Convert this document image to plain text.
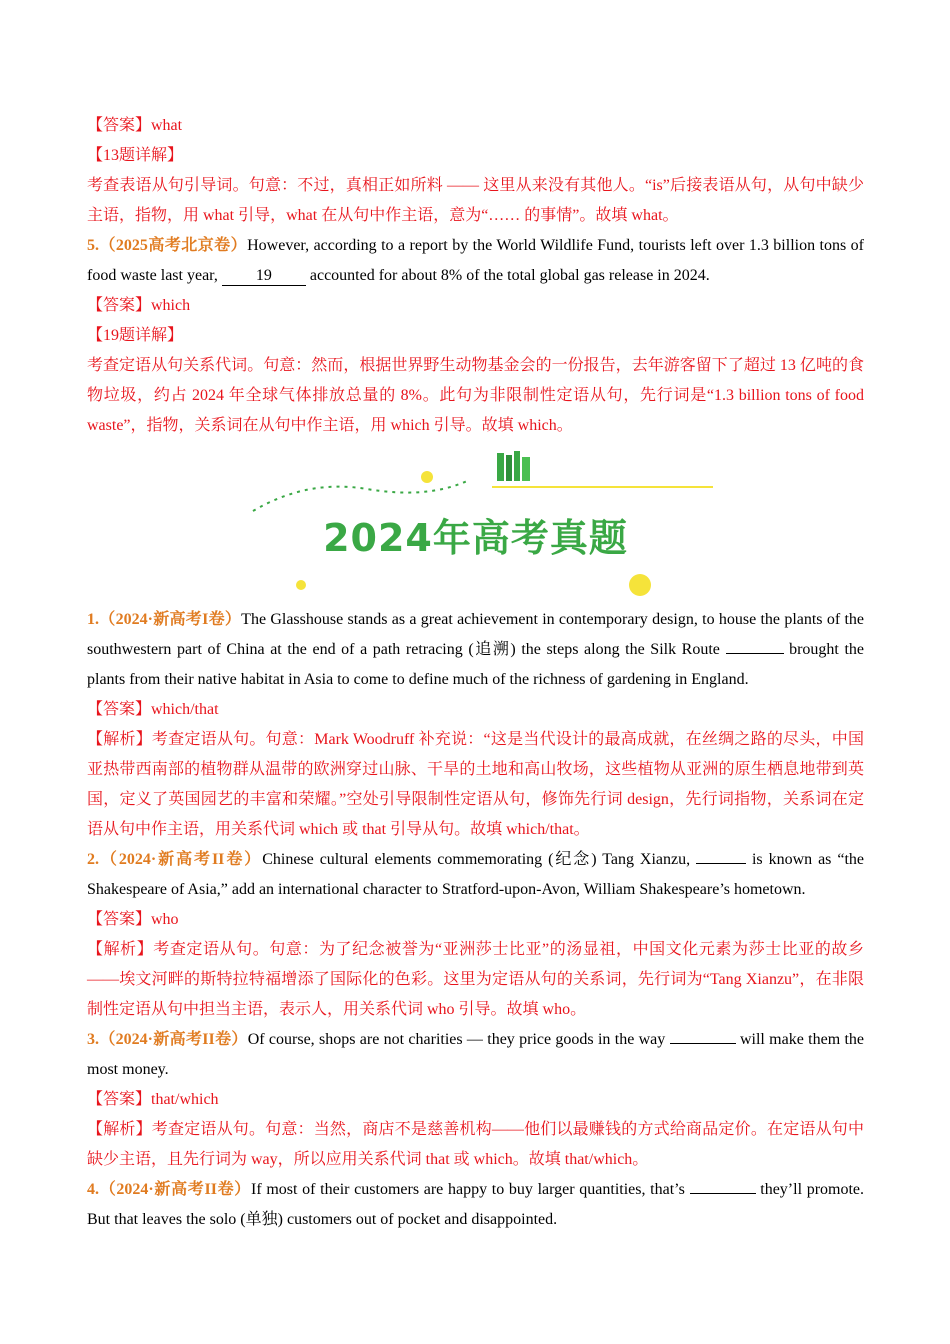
【答案】what
【13题详解】
考查表语从句引导词。句意：不过，真相正如所料 —— 这里从来没有其他人。“is”后接表语从句，从句中缺少主语，指物，用 what 引导，what 在从句中作主语，意为“…… 的事情”。故填 what。
5.（2025高考北京卷）However, according to a report by the World Wildlife Fund, tourists left over 1.3 billion tons of food waste last year, 19 accounted for about 8% of the total global gas release in 2024.
【答案】which
【19题详解】
考查定语从句关系代词。句意：然而，根据世界野生动物基金会的一份报告，去年游客留下了超过 13 亿吨的食物垃圾，约占 2024 年全球气体排放总量的 8%。此句为非限制性定语从句，先行词是“1.3 billion tons of food waste”，指物，关系词在从句中作主语，用 which 引导。故填 which。
2024年高考真题
1.（2024·新高考I卷）The Glasshouse stands as a great achievement in contemporary design, to house the plants of the southwestern part of China at the end of a path retracing (追溯) the steps along the Silk Route	brought the plants from their native habitat in Asia to come to define much of the richness of gardening in England.
【答案】which/that
【解析】考查定语从句。句意：Mark Woodruff 补充说：“这是当代设计的最高成就，在丝绸之路的尽头，中国亚热带西南部的植物群从温带的欧洲穿过山脉、干旱的土地和高山牧场，这些植物从亚洲的原生栖息地带到英国，定义了英国园艺的丰富和荣耀。”空处引导限制性定语从句，修饰先行词 design，先行词指物，关系词在定语从句中作主语，用关系代词 which 或 that 引导从句。故填 which/that。
2.（2024·新高考II卷）Chinese cultural elements commemorating (纪念) Tang Xianzu,	is known as “the Shakespeare of Asia,” add an international character to Stratford-upon-Avon, William Shakespeare’s hometown.
【答案】who
【解析】考查定语从句。句意：为了纪念被誉为“亚洲莎士比亚”的汤显祖，中国文化元素为莎士比亚的故乡——埃文河畔的斯特拉特福增添了国际化的色彩。这里为定语从句的关系词，先行词为“Tang Xianzu”，在非限制性定语从句中担当主语，表示人，用关系代词 who 引导。故填 who。
3.（2024·新高考II卷）Of course, shops are not charities — they price goods in the way	will make them the most money.
【答案】that/which
【解析】考查定语从句。句意：当然，商店不是慈善机构——他们以最赚钱的方式给商品定价。在定语从句中缺少主语，且先行词为 way，所以应用关系代词 that 或 which。故填 that/which。
4.（2024·新高考II卷）If most of their customers are happy to buy larger quantities, that’s	they’ll promote. But that leaves the solo (单独) customers out of pocket and disappointed.
